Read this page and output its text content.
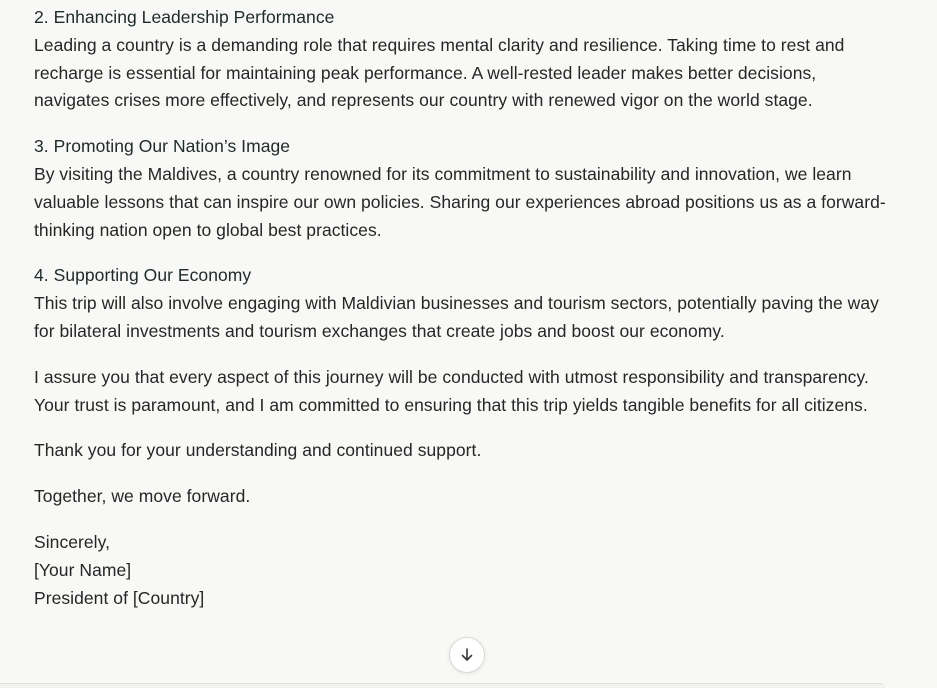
2. Enhancing Leadership Performance
Leading a country is a demanding role that requires mental clarity and resilience. Taking time to rest and recharge is essential for maintaining peak performance. A well-rested leader makes better decisions, navigates crises more effectively, and represents our country with renewed vigor on the world stage.
3. Promoting Our Nation’s Image
By visiting the Maldives, a country renowned for its commitment to sustainability and innovation, we learn valuable lessons that can inspire our own policies. Sharing our experiences abroad positions us as a forward-thinking nation open to global best practices.
4. Supporting Our Economy
This trip will also involve engaging with Maldivian businesses and tourism sectors, potentially paving the way for bilateral investments and tourism exchanges that create jobs and boost our economy.

I assure you that every aspect of this journey will be conducted with utmost responsibility and transparency. Your trust is paramount, and I am committed to ensuring that this trip yields tangible benefits for all citizens.

Thank you for your understanding and continued support.

Together, we move forward.

Sincerely,
[Your Name]
President of [Country]
